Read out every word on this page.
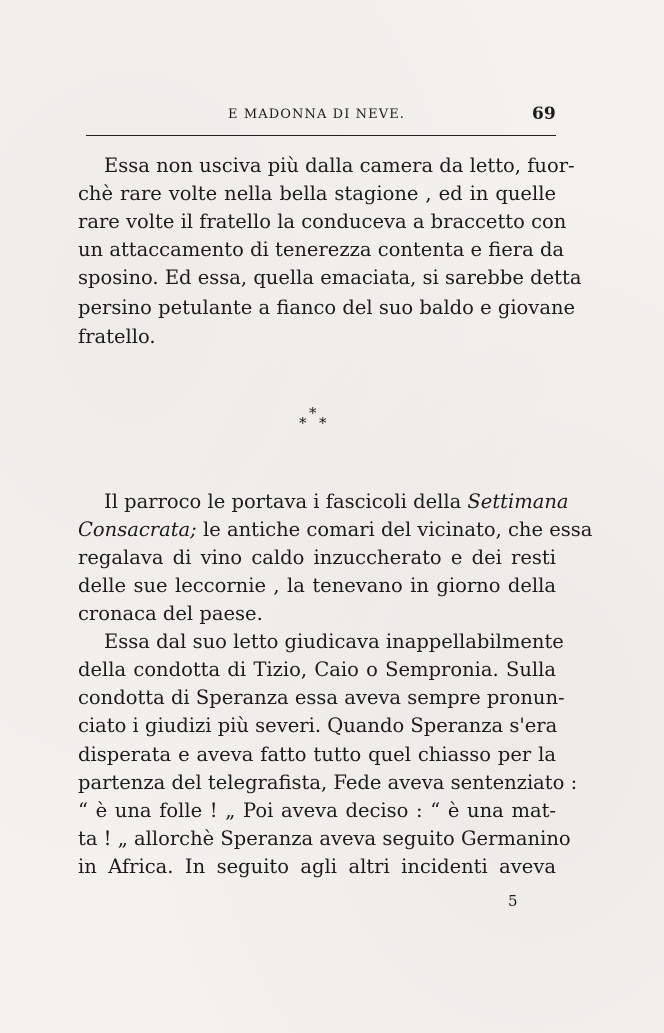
E MADONNA DI NEVE.	69
Essa non usciva più dalla camera da letto, fuor-
chè rare volte nella bella stagione , ed in quelle
rare volte il fratello la conduceva a braccetto con
un attaccamento di tenerezza contenta e fiera da
sposino. Ed essa, quella emaciata, si sarebbe detta
persino petulante a fianco del suo baldo e giovane
fratello.
*
* *
Il parroco le portava i fascicoli della Settimana
Consacrata; le antiche comari del vicinato, che essa
regalava di vino caldo inzuccherato e dei resti
delle sue leccornie , la tenevano in giorno della
cronaca del paese.
Essa dal suo letto giudicava inappellabilmente
della condotta di Tizio, Caio o Sempronia. Sulla
condotta di Speranza essa aveva sempre pronun-
ciato i giudizi più severi. Quando Speranza s'era
disperata e aveva fatto tutto quel chiasso per la
partenza del telegrafista, Fede aveva sentenziato :
“ è una folle ! „ Poi aveva deciso : “ è una mat-
ta ! „ allorchè Speranza aveva seguito Germanino
in Africa. In seguito agli altri incidenti aveva
5
